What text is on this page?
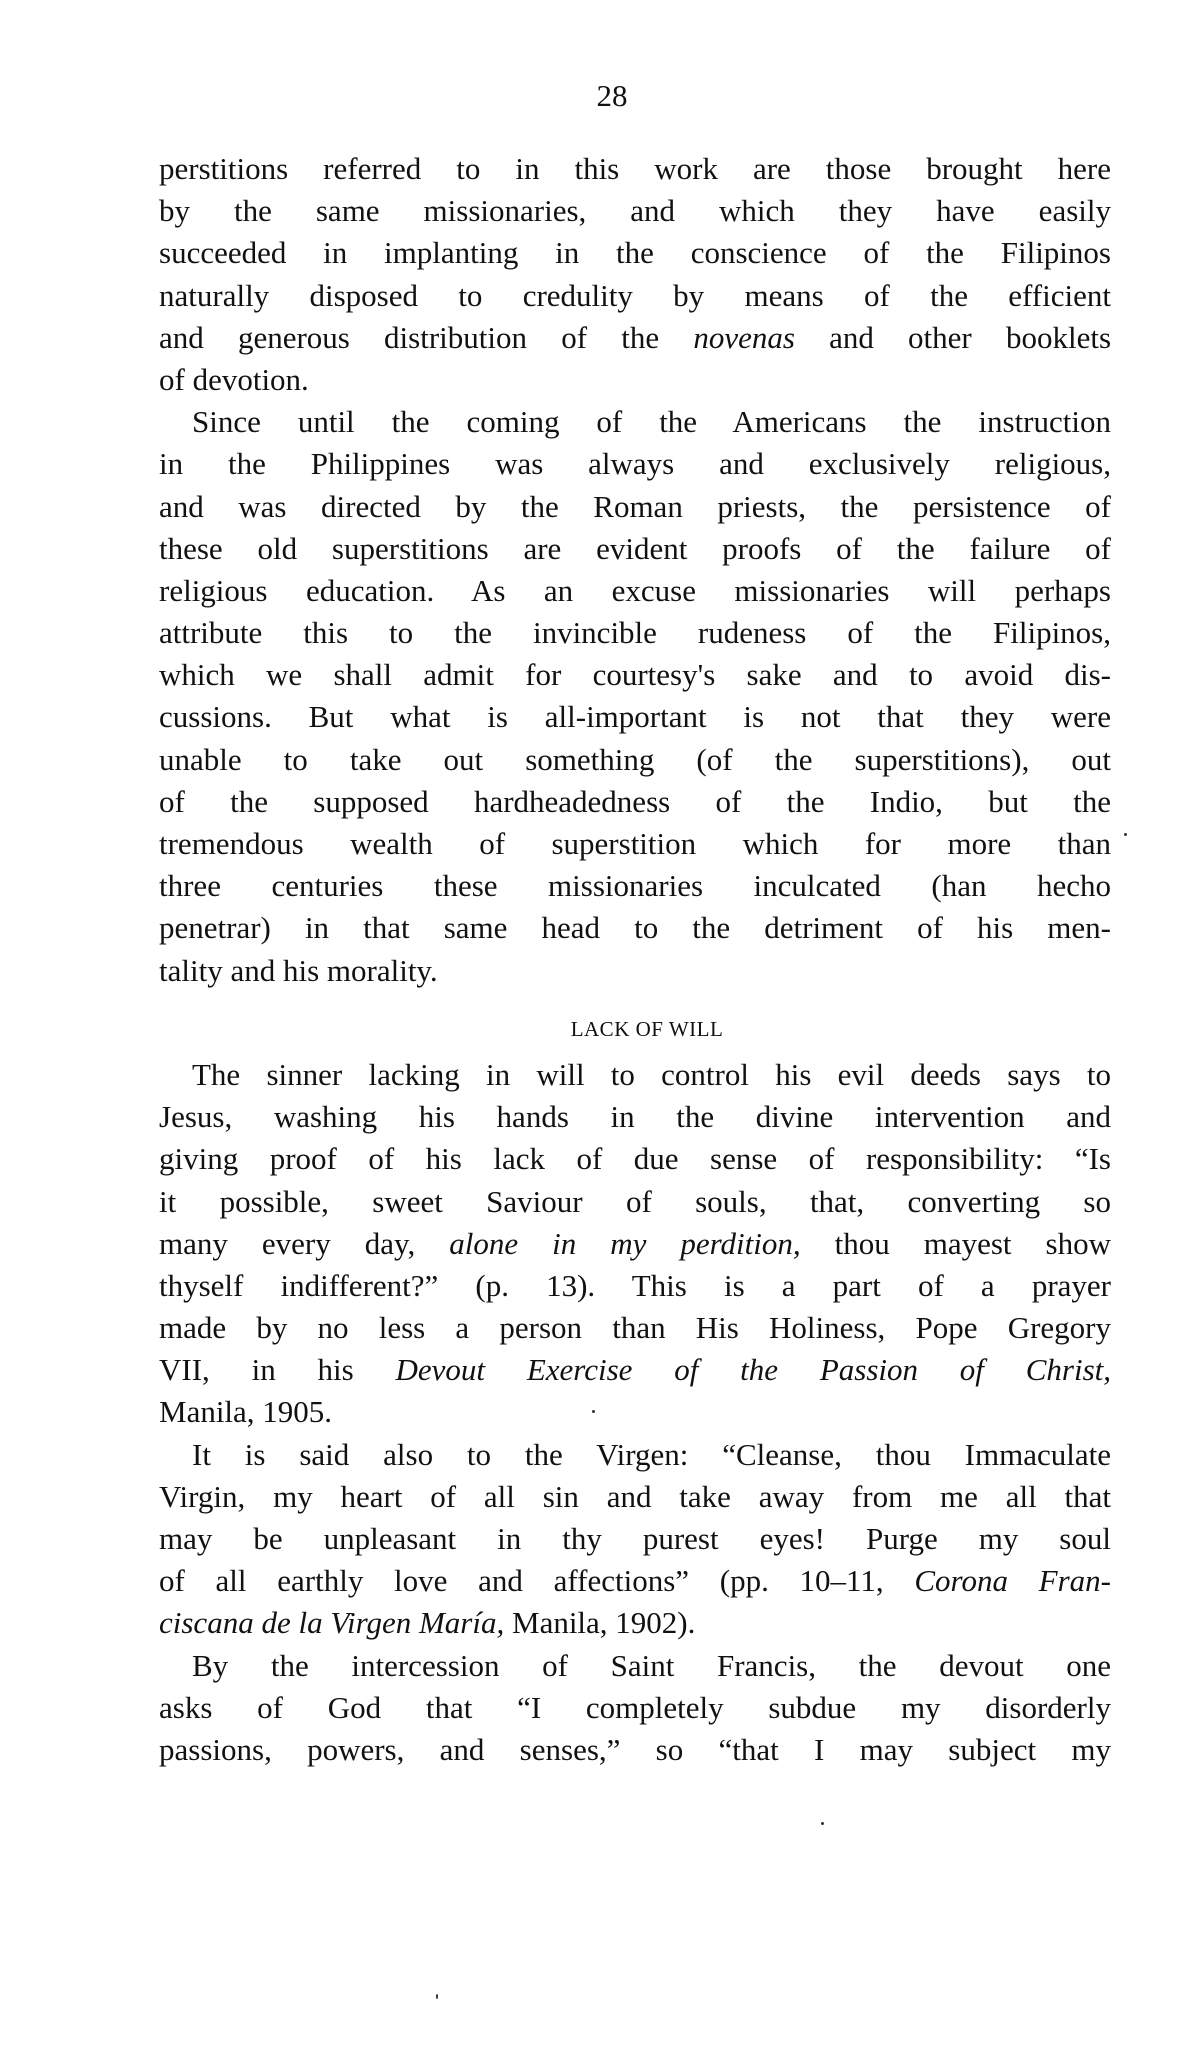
28
perstitions referred to in this work are those brought here
by the same missionaries, and which they have easily
succeeded in implanting in the conscience of the Filipinos
naturally disposed to credulity by means of the efficient
and generous distribution of the novenas and other booklets
of devotion.
Since until the coming of the Americans the instruction
in the Philippines was always and exclusively religious,
and was directed by the Roman priests, the persistence of
these old superstitions are evident proofs of the failure of
religious education. As an excuse missionaries will perhaps
attribute this to the invincible rudeness of the Filipinos,
which we shall admit for courtesy's sake and to avoid dis-
cussions. But what is all-important is not that they were
unable to take out something (of the superstitions), out
of the supposed hardheadedness of the Indio, but the
tremendous wealth of superstition which for more than
three centuries these missionaries inculcated (han hecho
penetrar) in that same head to the detriment of his men-
tality and his morality.
LACK OF WILL
The sinner lacking in will to control his evil deeds says to
Jesus, washing his hands in the divine intervention and
giving proof of his lack of due sense of responsibility: “Is
it possible, sweet Saviour of souls, that, converting so
many every day, alone in my perdition, thou mayest show
thyself indifferent?” (p. 13). This is a part of a prayer
made by no less a person than His Holiness, Pope Gregory
VII, in his Devout Exercise of the Passion of Christ,
Manila, 1905.
It is said also to the Virgen: “Cleanse, thou Immaculate
Virgin, my heart of all sin and take away from me all that
may be unpleasant in thy purest eyes! Purge my soul
of all earthly love and affections” (pp. 10–11, Corona Fran-
ciscana de la Virgen María, Manila, 1902).
By the intercession of Saint Francis, the devout one
asks of God that “I completely subdue my disorderly
passions, powers, and senses,” so “that I may subject my
